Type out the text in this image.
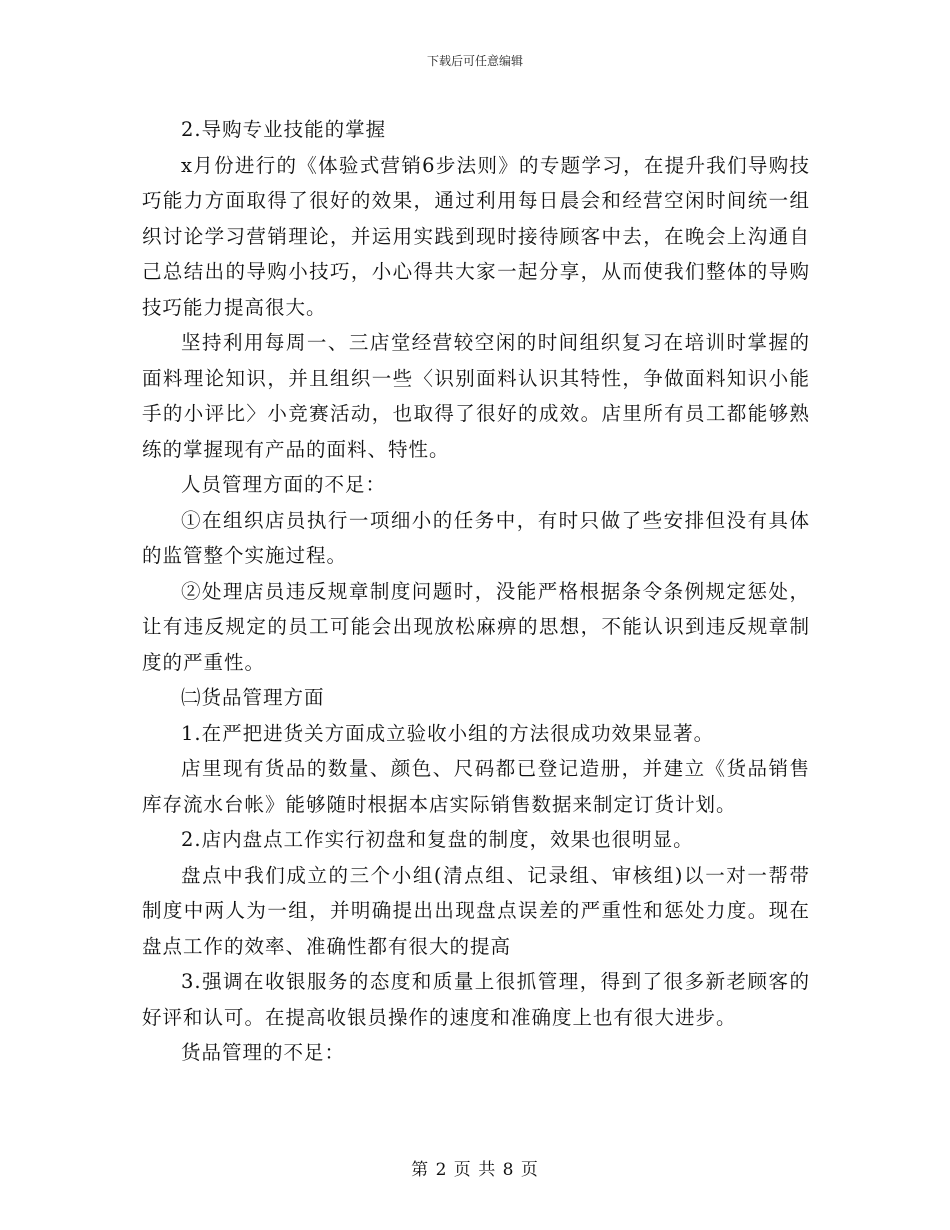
下载后可任意编辑

2.导购专业技能的掌握

x月份进行的《体验式营销6步法则》的专题学习，在提升我们导购技巧能力方面取得了很好的效果，通过利用每日晨会和经营空闲时间统一组织讨论学习营销理论，并运用实践到现时接待顾客中去，在晚会上沟通自己总结出的导购小技巧，小心得共大家一起分享，从而使我们整体的导购技巧能力提高很大。

坚持利用每周一、三店堂经营较空闲的时间组织复习在培训时掌握的面料理论知识，并且组织一些〈识别面料认识其特性，争做面料知识小能手的小评比〉小竞赛活动，也取得了很好的成效。店里所有员工都能够熟练的掌握现有产品的面料、特性。

人员管理方面的不足：

①在组织店员执行一项细小的任务中，有时只做了些安排但没有具体的监管整个实施过程。

②处理店员违反规章制度问题时，没能严格根据条令条例规定惩处，让有违反规定的员工可能会出现放松麻痹的思想，不能认识到违反规章制度的严重性。

㈡货品管理方面

1.在严把进货关方面成立验收小组的方法很成功效果显著。

店里现有货品的数量、颜色、尺码都已登记造册，并建立《货品销售库存流水台帐》能够随时根据本店实际销售数据来制定订货计划。

2.店内盘点工作实行初盘和复盘的制度，效果也很明显。

盘点中我们成立的三个小组(清点组、记录组、审核组)以一对一帮带制度中两人为一组，并明确提出出现盘点误差的严重性和惩处力度。现在盘点工作的效率、准确性都有很大的提高

3.强调在收银服务的态度和质量上很抓管理，得到了很多新老顾客的好评和认可。在提高收银员操作的速度和准确度上也有很大进步。

货品管理的不足：

第 2 页 共 8 页
